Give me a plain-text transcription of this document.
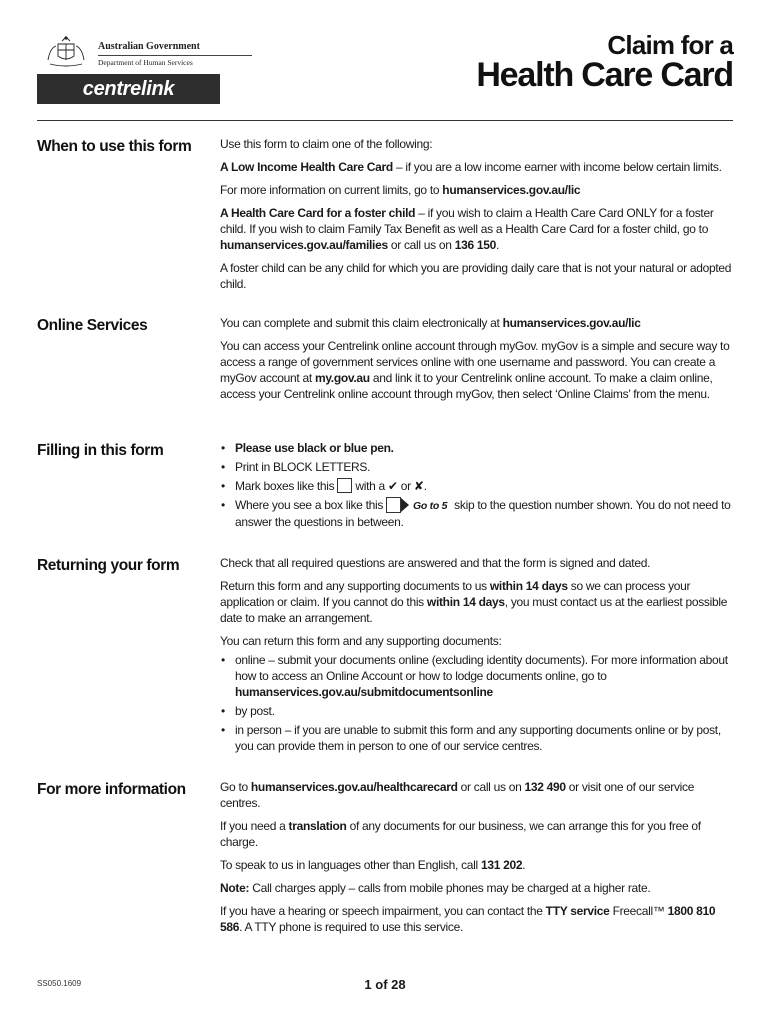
Australian Government
Department of Human Services
centrelink
Claim for a
Health Care Card
When to use this form Use this form to claim one of the following:

A Low Income Health Care Card – if you are a low income earner with income below certain limits.

For more information on current limits, go to humanservices.gov.au/lic

A Health Care Card for a foster child – if you wish to claim a Health Care Card ONLY for a foster child. If you wish to claim Family Tax Benefit as well as a Health Care Card for a foster child, go to humanservices.gov.au/families or call us on 136 150.

A foster child can be any child for which you are providing daily care that is not your natural or adopted child.

Online Services	You can complete and submit this claim electronically at humanservices.gov.au/lic

You can access your Centrelink online account through myGov. myGov is a simple and secure way to access a range of government services online with one username and password. You can create a myGov account at my.gov.au and link it to your Centrelink online account. To make a claim online, access your Centrelink online account through myGov, then select ‘Online Claims’ from the menu.

Filling in this form	• Please use black or blue pen.
• Print in BLOCK LETTERS.
• Mark boxes like this with a ✔ or ✘.
• Where you see a box like this	Go to 5 skip to the question number shown. You do not need to answer the questions in between.
Returning your form	Check that all required questions are answered and that the form is signed and dated.

Return this form and any supporting documents to us within 14 days so we can process your application or claim. If you cannot do this within 14 days, you must contact us at the earliest possible date to make an arrangement.

You can return this form and any supporting documents:

• online – submit your documents online (excluding identity documents). For more information about how to access an Online Account or how to lodge documents online, go to humanservices.gov.au/submitdocumentsonline
• by post.
• in person – if you are unable to submit this form and any supporting documents online or by post, you can provide them in person to one of our service centres.
For more information	Go to humanservices.gov.au/healthcarecard or call us on 132 490 or visit one of our service centres.

If you need a translation of any documents for our business, we can arrange this for you free of charge.

To speak to us in languages other than English, call 131 202.

Note: Call charges apply – calls from mobile phones may be charged at a higher rate.

If you have a hearing or speech impairment, you can contact the TTY service Freecall™ 1800 810 586. A TTY phone is required to use this service.

SS050.1609	1 of 28
